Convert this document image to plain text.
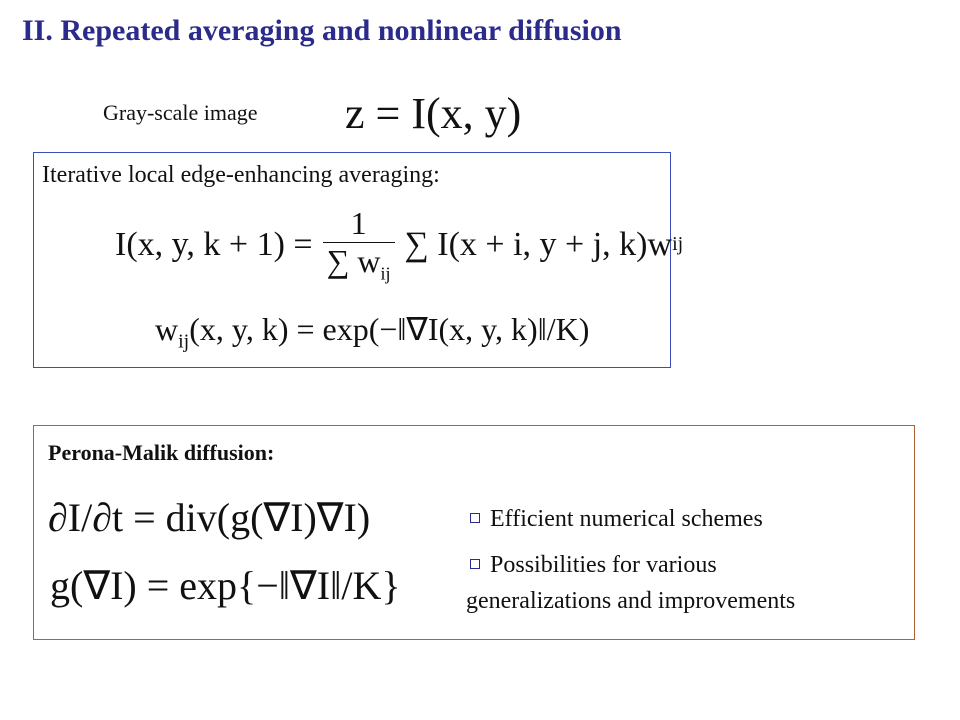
II. Repeated averaging and nonlinear diffusion
Gray-scale image z = I(x, y)
Iterative local edge-enhancing averaging:
I(x, y, $k + 1) = \frac{1}{\sum w_{ij}}$ ∑ I(x + i, y + j, k)w ij
$w_{ij}(x$, y, k) = exp(−‖∇I(x, y, k)‖/K)
Perona-Malik diffusion:
∂I/∂t = div(g(∇I)∇I)
g(∇I) = exp{−‖∇I‖/K}
Efficient numerical schemes
Possibilities for various
generalizations and improvements
